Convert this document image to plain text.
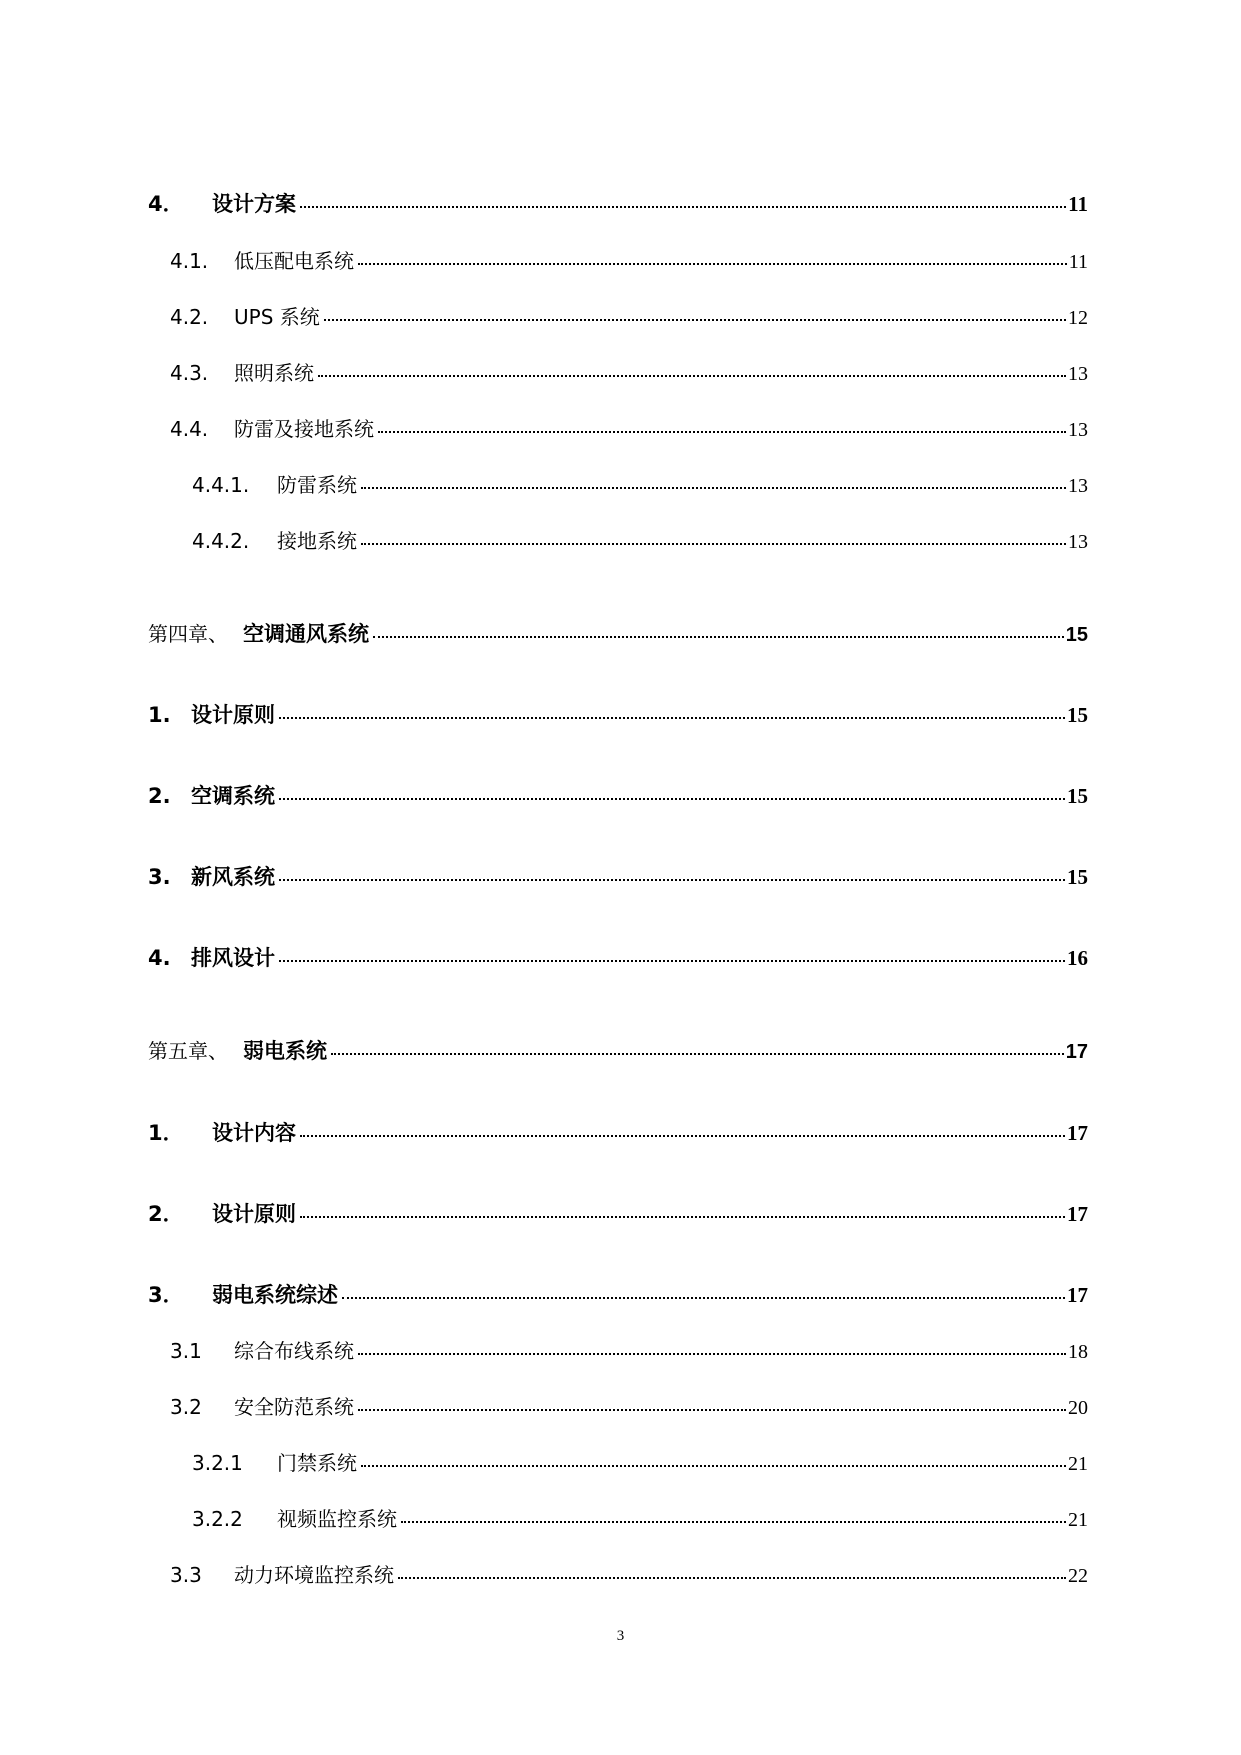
4．	设计方案	11
4.1.	低压配电系统	11
4.2.	UPS 系统	12
4.3.	照明系统	13
4.4.	防雷及接地系统	13
4.4.1.	防雷系统	13
4.4.2.	接地系统	13
第四章、 空调通风系统	15
1. 设计原则	15
2. 空调系统	15
3. 新风系统	15
4. 排风设计	16
第五章、 弱电系统	17
1．	设计内容	17
2．	设计原则	17
3．	弱电系统综述	17
3.1	综合布线系统	18
3.2	安全防范系统	20
3.2.1	门禁系统	21
3.2.2	视频监控系统	21
3.3	动力环境监控系统	22
3
